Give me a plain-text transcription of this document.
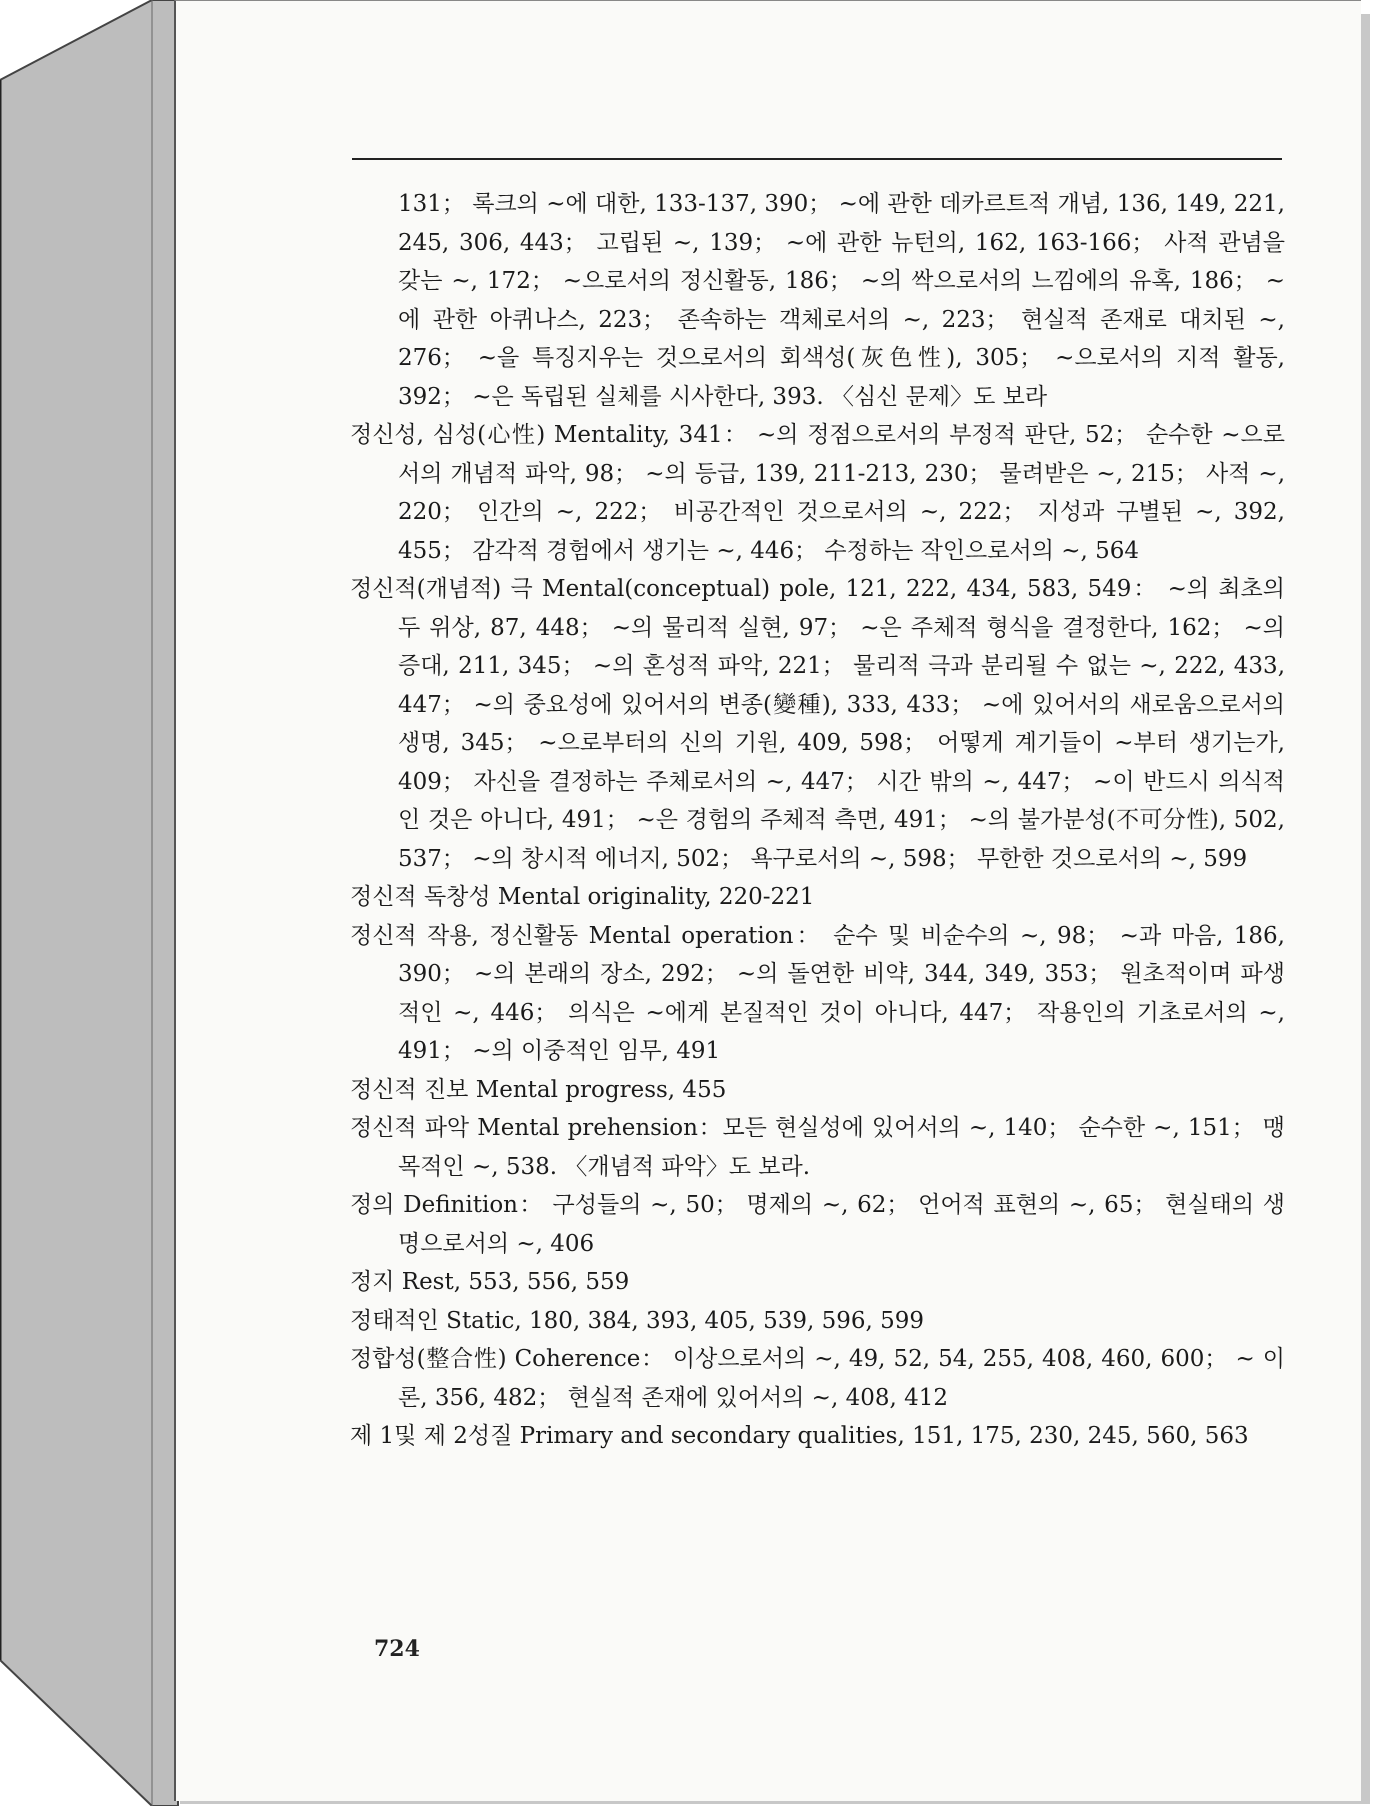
131； 록크의 ~에 대한, 133-137, 390； ~에 관한 데카르트적 개념, 136, 149, 221, 245, 306, 443； 고립된 ~, 139； ~에 관한 뉴턴의, 162, 163-166； 사적 관념을 갖는 ~, 172； ~으로서의 정신활동, 186； ~의 싹으로서의 느낌에의 유혹, 186； ~에 관한 아퀴나스, 223； 존속하는 객체로서의 ~, 223； 현실적 존재로 대치된 ~, 276； ~을 특징지우는 것으로서의 회색성(灰色性), 305； ~으로서의 지적 활동, 392； ~은 독립된 실체를 시사한다, 393. 〈심신 문제〉도 보라
정신성, 심성(心性) Mentality, 341： ~의 정점으로서의 부정적 판단, 52； 순수한 ~으로서의 개념적 파악, 98； ~의 등급, 139, 211-213, 230； 물려받은 ~, 215； 사적 ~, 220； 인간의 ~, 222； 비공간적인 것으로서의 ~, 222； 지성과 구별된 ~, 392, 455； 감각적 경험에서 생기는 ~, 446； 수정하는 작인으로서의 ~, 564
정신적(개념적) 극 Mental(conceptual) pole, 121, 222, 434, 583, 549： ~의 최초의 두 위상, 87, 448； ~의 물리적 실현, 97； ~은 주체적 형식을 결정한다, 162； ~의 증대, 211, 345； ~의 혼성적 파악, 221； 물리적 극과 분리될 수 없는 ~, 222, 433, 447； ~의 중요성에 있어서의 변종(變種), 333, 433； ~에 있어서의 새로움으로서의 생명, 345； ~으로부터의 신의 기원, 409, 598； 어떻게 계기들이 ~부터 생기는가, 409； 자신을 결정하는 주체로서의 ~, 447； 시간 밖의 ~, 447； ~이 반드시 의식적인 것은 아니다, 491； ~은 경험의 주체적 측면, 491； ~의 불가분성(不可分性), 502, 537； ~의 창시적 에너지, 502； 욕구로서의 ~, 598； 무한한 것으로서의 ~, 599
정신적 독창성 Mental originality, 220-221
정신적 작용, 정신활동 Mental operation： 순수 및 비순수의 ~, 98； ~과 마음, 186, 390； ~의 본래의 장소, 292； ~의 돌연한 비약, 344, 349, 353； 원초적이며 파생적인 ~, 446； 의식은 ~에게 본질적인 것이 아니다, 447； 작용인의 기초로서의 ~, 491； ~의 이중적인 임무, 491
정신적 진보 Mental progress, 455
정신적 파악 Mental prehension：모든 현실성에 있어서의 ~, 140； 순수한 ~, 151； 맹목적인 ~, 538. 〈개념적 파악〉도 보라.
정의 Definition： 구성들의 ~, 50； 명제의 ~, 62； 언어적 표현의 ~, 65； 현실태의 생명으로서의 ~, 406
정지 Rest, 553, 556, 559
정태적인 Static, 180, 384, 393, 405, 539, 596, 599
정합성(整合性) Coherence： 이상으로서의 ~, 49, 52, 54, 255, 408, 460, 600； ~ 이론, 356, 482； 현실적 존재에 있어서의 ~, 408, 412
제 1및 제 2성질 Primary and secondary qualities, 151, 175, 230, 245, 560, 563
724
